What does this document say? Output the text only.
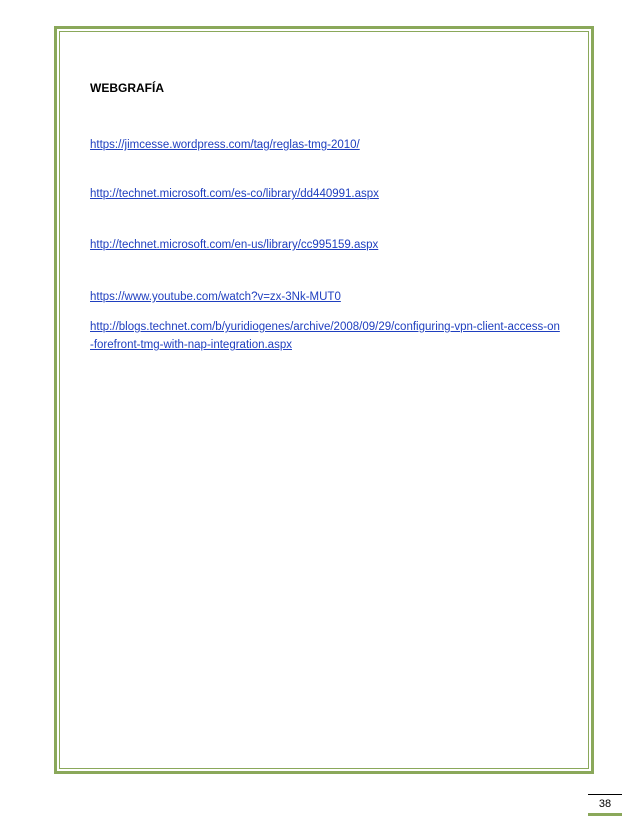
WEBGRAFÍA

https://jimcesse.wordpress.com/tag/reglas-tmg-2010/
http://technet.microsoft.com/es-co/library/dd440991.aspx
http://technet.microsoft.com/en-us/library/cc995159.aspx
https://www.youtube.com/watch?v=zx-3Nk-MUT0
http://blogs.technet.com/b/yuridiogenes/archive/2008/09/29/configuring-vpn-client-access-on-forefront-tmg-with-nap-integration.aspx
38
